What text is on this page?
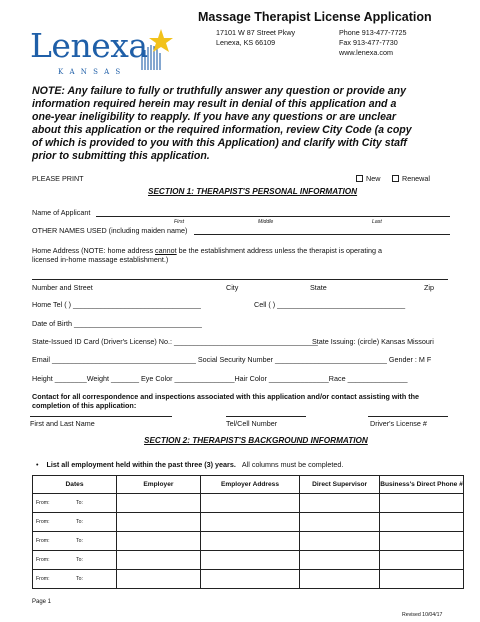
Lenexa
K A N S A S
Massage Therapist License Application
17101 W 87 Street Pkwy
Lenexa, KS 66109
Phone 913-477-7725
Fax 913-477-7730
www.lenexa.com
NOTE: Any failure to fully or truthfully answer any question or provide any
information required herein may result in denial of this application and a
one-year ineligibility to reapply. If you have any questions or are unclear
about this application or the required information, review City Code (a copy
of which is provided to you with this Application) and clarify with City staff
prior to submitting this application.
PLEASE PRINT	New	Renewal
SECTION 1: THERAPIST'S PERSONAL INFORMATION
Name of Applicant
First	Middle	Last
OTHER NAMES USED (including maiden name)
Home Address (NOTE: home address cannot be the establishment address unless the therapist is operating a
licensed in-home massage establishment.)
Number and Street	City	State	Zip
Home Tel ( ) ________________________________	Cell ( ) ________________________________
Date of Birth ________________________________
State-Issued ID Card (Driver's License) No.: ____________________________________
State Issuing: (circle) Kansas Missouri
Email ____________________________________ Social Security Number ____________________________ Gender : M F
Height ________Weight _______ Eye Color _______________Hair Color _______________Race _______________
Contact for all correspondence and inspections associated with this application and/or contact assisting with the
completion of this application:
First and Last Name	Tel/Cell Number	Driver's License #
SECTION 2: THERAPIST'S BACKGROUND INFORMATION
• List all employment held within the past three (3) years. All columns must be completed.
Dates	Employer	Employer Address	Direct Supervisor	Business's Direct Phone #
From: To:				
From: To:				
From: To:				
From: To:				
From: To:				
Page 1
Revised 10/04/17
